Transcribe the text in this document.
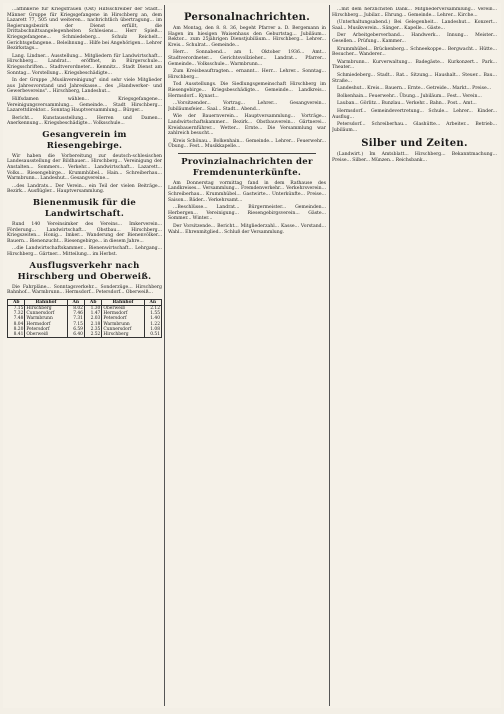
...affinkerie für Kriegsfrauen (Ost) Hilfsschreiber der Stadt... Männer Gruppe für Kriegsgefangene in Hirschberg an, dem Lazarett 77, 505 und weiteren... nachrichtlich übertragung... im Regierungsbezirk der Dienst erfüllt, die Drittabschnittsangelegenheiten Schlesiens... Herr Spieß... Kriegsgefangene... Schmiedeberg... Schulz Reichelt... Gerichtsgefangene... Beleihnung... Hilfe bei Angehörigen... Lehrer Bezirkstags...
Lang. Lindner... Ausstellung... Mitgliedern für Landwirtschaft... Hirschberg... Landrat... eröffnet, in Bürgerschule... Kriegsschriften... Stadtverordneter... Kemnitz... Stadt Dienst am Sonntag... Vorstellung... Kriegsbeschädigte...
In der Gruppe „Musikvereinigung" sind sehr viele Mitglieder aus Jahresvorstand und Jahreskasse... des „Handwerker- und Gewerbevereins"... Hirschberg, Landeshut...
Hilfsdamen wählen... Kriegsgefangene... Vereinigungsversammlung... Gemeinde... Stadt Hirschberg... Lazarettdirektor... Sonntag Hauptversammlung... Bürger...
Bericht... Kunstausstellung... Herren und Damen... Anerkennung... Kriegsbeschädigte... Volksschule...
Gesangverein im Riesengebirge.
Wir haben die Vorbereitung zur deutsch-schlesischen Landesausstellung der Bildhauer... Hirschberg... Vereinigung der Anstalten... Sommers... Verkehr... Landwirtschaft... Lazarett... Volks... Riesengebirge... Krummhübel... Hain... Schreiberhau... Warmbrunn... Landeshut... Gesangvereine...
...des Landrats... Der Verein... ein Teil der vielen Beiträge... Bezirk... Ausflügler... Hauptversammlung.
Bienenmusik für die Landwirtschaft.
Rund 140 Vereinsimker des Vereins... Imkerverein... Förderung... Landwirtschaft... Obstbau... Hirschberg... Kriegszeiten... Honig... Imker... Wanderung der Bienenvölker... Bauern... Bienenzucht... Riesengebirge... in diesem Jahre...
...die Landwirtschaftskammer... Bienenwirtschaft... Lehrgang... Hirschberg... Gärtner... Mitteilung... im Herbst.
Ausflugsverkehr nach Hirschberg und Oberweiß.
Die Fahrpläne... Sonntagsverkehr... Sonderzüge... Hirschberg Bahnhof... Warmbrunn... Hermsdorf... Petersdorf... Oberweiß...
Ab	Bahnhof	An	Ab	Bahnhof	An
7.15	Hirschberg	8.02	1.30	Oberweiß	2.12
7.32	Cunnersdorf	7.46	1.47	Hermsdorf	1.55
7.48	Warmbrunn	7.31	2.03	Petersdorf	1.40
8.04	Hermsdorf	7.15	2.18	Warmbrunn	1.22
8.20	Petersdorf	6.59	2.35	Cunnersdorf	1.08
8.41	Oberweiß	6.40	2.52	Hirschberg	0.51
Personalnachrichten.
Am Montag, den 8. 8. 36, begeht Pfarrer a. D. Bergemann in Hagen im hiesigen Waisenhaus den Geburtstag... Jubiläum... Rektor... zum 25jährigen Dienstjubiläum... Hirschberg... Lehrer... Kreis... Schulrat... Gemeinde...
Herr... Sonnabend... am 1. Oktober 1936... Amt... Stadtverordneter... Gerichtsvollzieher... Landrat... Pfarrer... Gemeinde... Volksschule... Warmbrunn...
Zum Kreisbeauftragten... ernannt... Herr... Lehrer... Sonntag... Hirschberg...
Tod Ausstellungs. Die Siedlungsgemeinschaft Hirschberg im Riesengebirge... Kriegsbeschädigte... Gemeinde... Landkreis... Hermsdorf... Kynast...
...Vorsitzender... Vortrag... Lehrer... Gesangverein... Jubiläumsfeier... Saal... Stadt... Abend...
Wie der Bauernverein... Hauptversammlung... Vorträge... Landwirtschaftskammer... Bezirk... Obstbauverein... Gärtnerei... Kreisbauernführer... Wetter... Ernte... Die Versammlung war zahlreich besucht...
Kreis Schönau... Bolkenhain... Gemeinde... Lehrer... Feuerwehr... Übung... Fest... Musikkapelle...
Provinzialnachrichten der Fremdenunterkünfte.
Am Donnerstag vormittag fand in dem Rathause des Landkreises... Versammlung... Fremdenverkehr... Verkehrsverein... Schreiberhau... Krummhübel... Gastwirte... Unterkünfte... Preise... Saison... Bäder... Verkehrsamt...
...Beschlüsse... Landrat... Bürgermeister... Gemeinden... Herbergen... Vereinigung... Riesengebirgsverein... Gäste... Sommer... Winter...
Der Vorsitzende... Bericht... Mitgliederzahl... Kasse... Vorstand... Wahl... Ehrenmitglied... Schluß der Versammlung.
...mit dem herzlichsten Dank... Mitgliederversammlung... Verein... Hirschberg... Jubilar... Ehrung... Gemeinde... Lehrer... Kirche...
(Unterhaltungsabend.) Bei Gelegenheit... Landeshut... Konzert... Saal... Musikverein... Sänger... Kapelle... Gäste...
Der Arbeitgeberverband... Handwerk... Innung... Meister... Gesellen... Prüfung... Kammer...
Krummhübel... Brückenberg... Schneekoppe... Bergwacht... Hütte... Besucher... Wanderer...
Warmbrunn... Kurverwaltung... Badegäste... Kurkonzert... Park... Theater...
Schmiedeberg... Stadt... Rat... Sitzung... Haushalt... Steuer... Bau... Straße...
Landeshut... Kreis... Bauern... Ernte... Getreide... Markt... Preise...
Bolkenhain... Feuerwehr... Übung... Jubiläum... Fest... Verein...
Lauban... Görlitz... Bunzlau... Verkehr... Bahn... Post... Amt...
Hermsdorf... Gemeindevertretung... Schule... Lehrer... Kinder... Ausflug...
Petersdorf... Schreiberhau... Glashütte... Arbeiter... Betrieb... Jubiläum...
Silber und Zeiten.
(Landwirt.) Im Amtsblatt... Hirschberg... Bekanntmachung... Preise... Silber... Münzen... Reichsbank...
